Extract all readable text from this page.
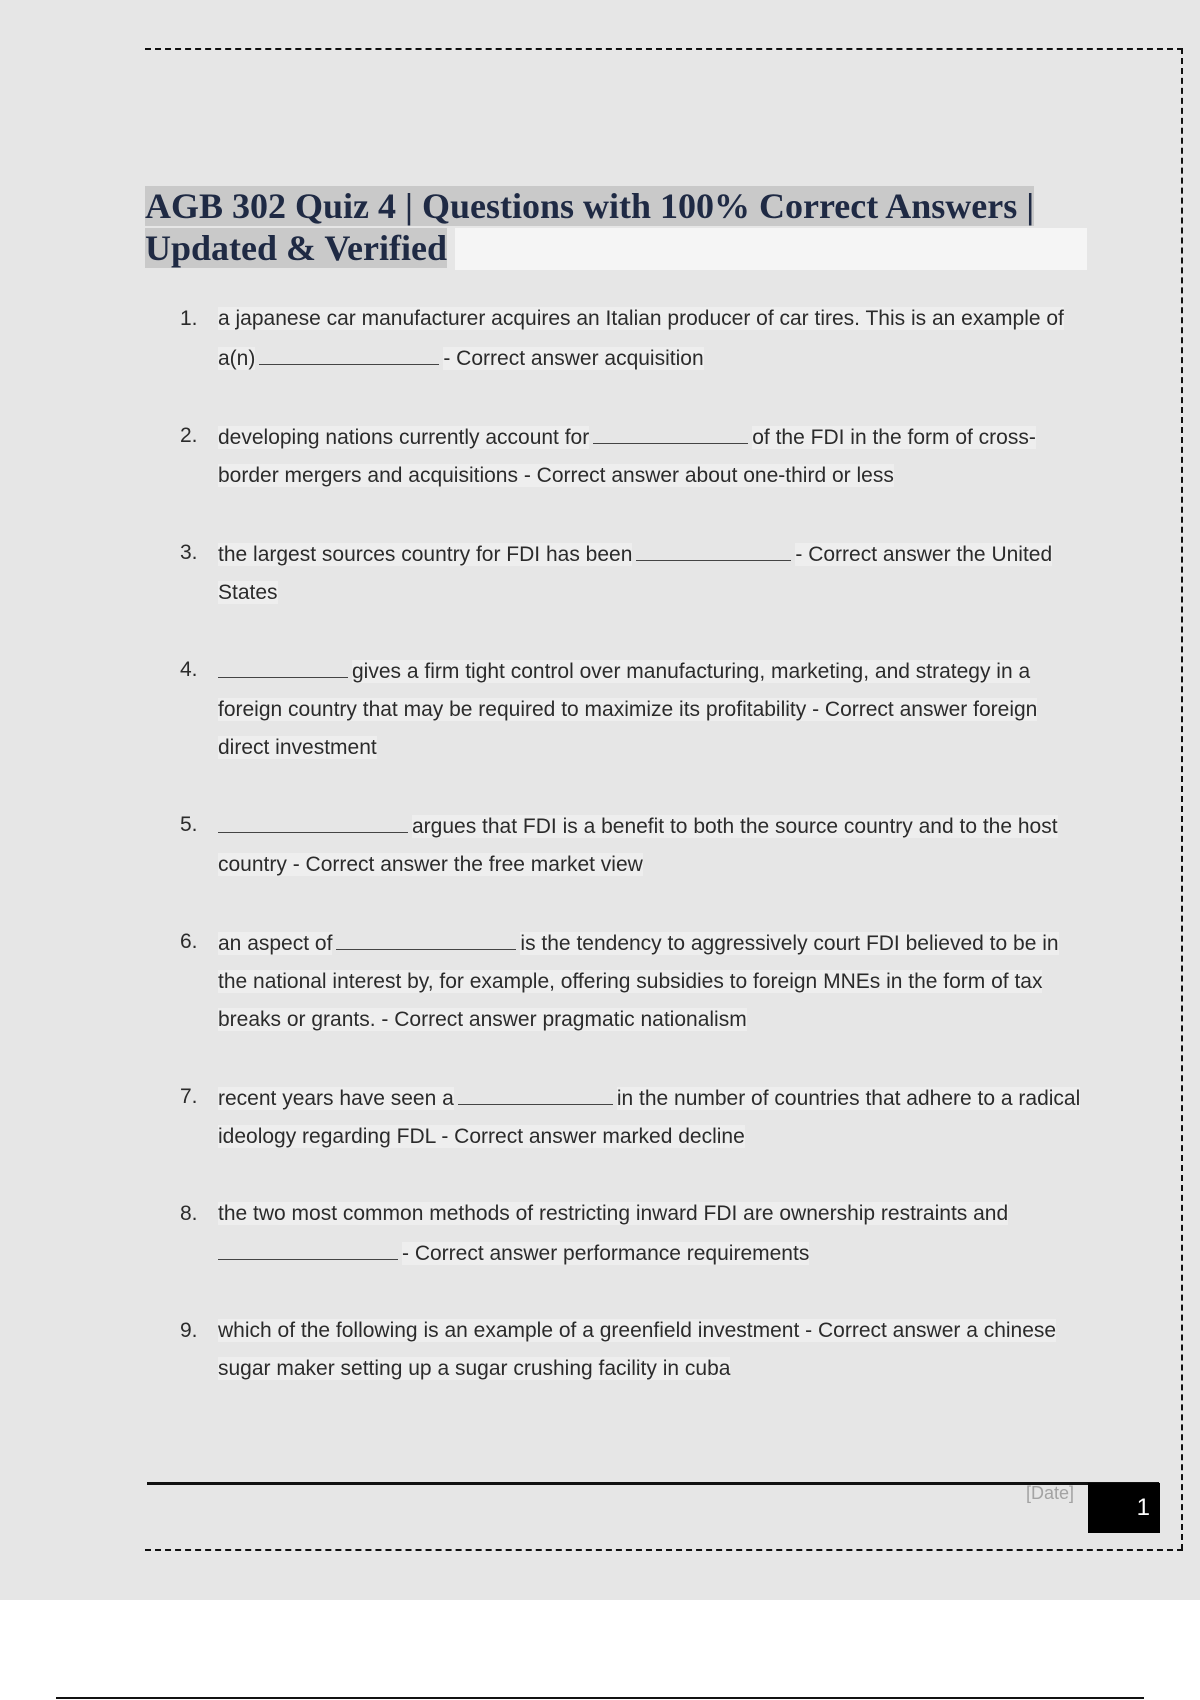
AGB 302 Quiz 4 | Questions with 100% Correct Answers |
Updated & Verified
1. a japanese car manufacturer acquires an Italian producer of car tires. This is an example of a(n)	- Correct answer acquisition
2. developing nations currently account for	of the FDI in the form of cross-border mergers and acquisitions - Correct answer about one-third or less
3. the largest sources country for FDI has been	- Correct answer the United States
4.	gives a firm tight control over manufacturing, marketing, and strategy in a foreign country that may be required to maximize its profitability - Correct answer foreign direct investment
5.	argues that FDI is a benefit to both the source country and to the host country - Correct answer the free market view
6. an aspect of	is the tendency to aggressively court FDI believed to be in the national interest by, for example, offering subsidies to foreign MNEs in the form of tax breaks or grants. - Correct answer pragmatic nationalism
7. recent years have seen a	in the number of countries that adhere to a radical ideology regarding FDL - Correct answer marked decline
8. the two most common methods of restricting inward FDI are ownership restraints and - Correct answer performance requirements
9. which of the following is an example of a greenfield investment - Correct answer a chinese sugar maker setting up a sugar crushing facility in cuba
[Date]
1
